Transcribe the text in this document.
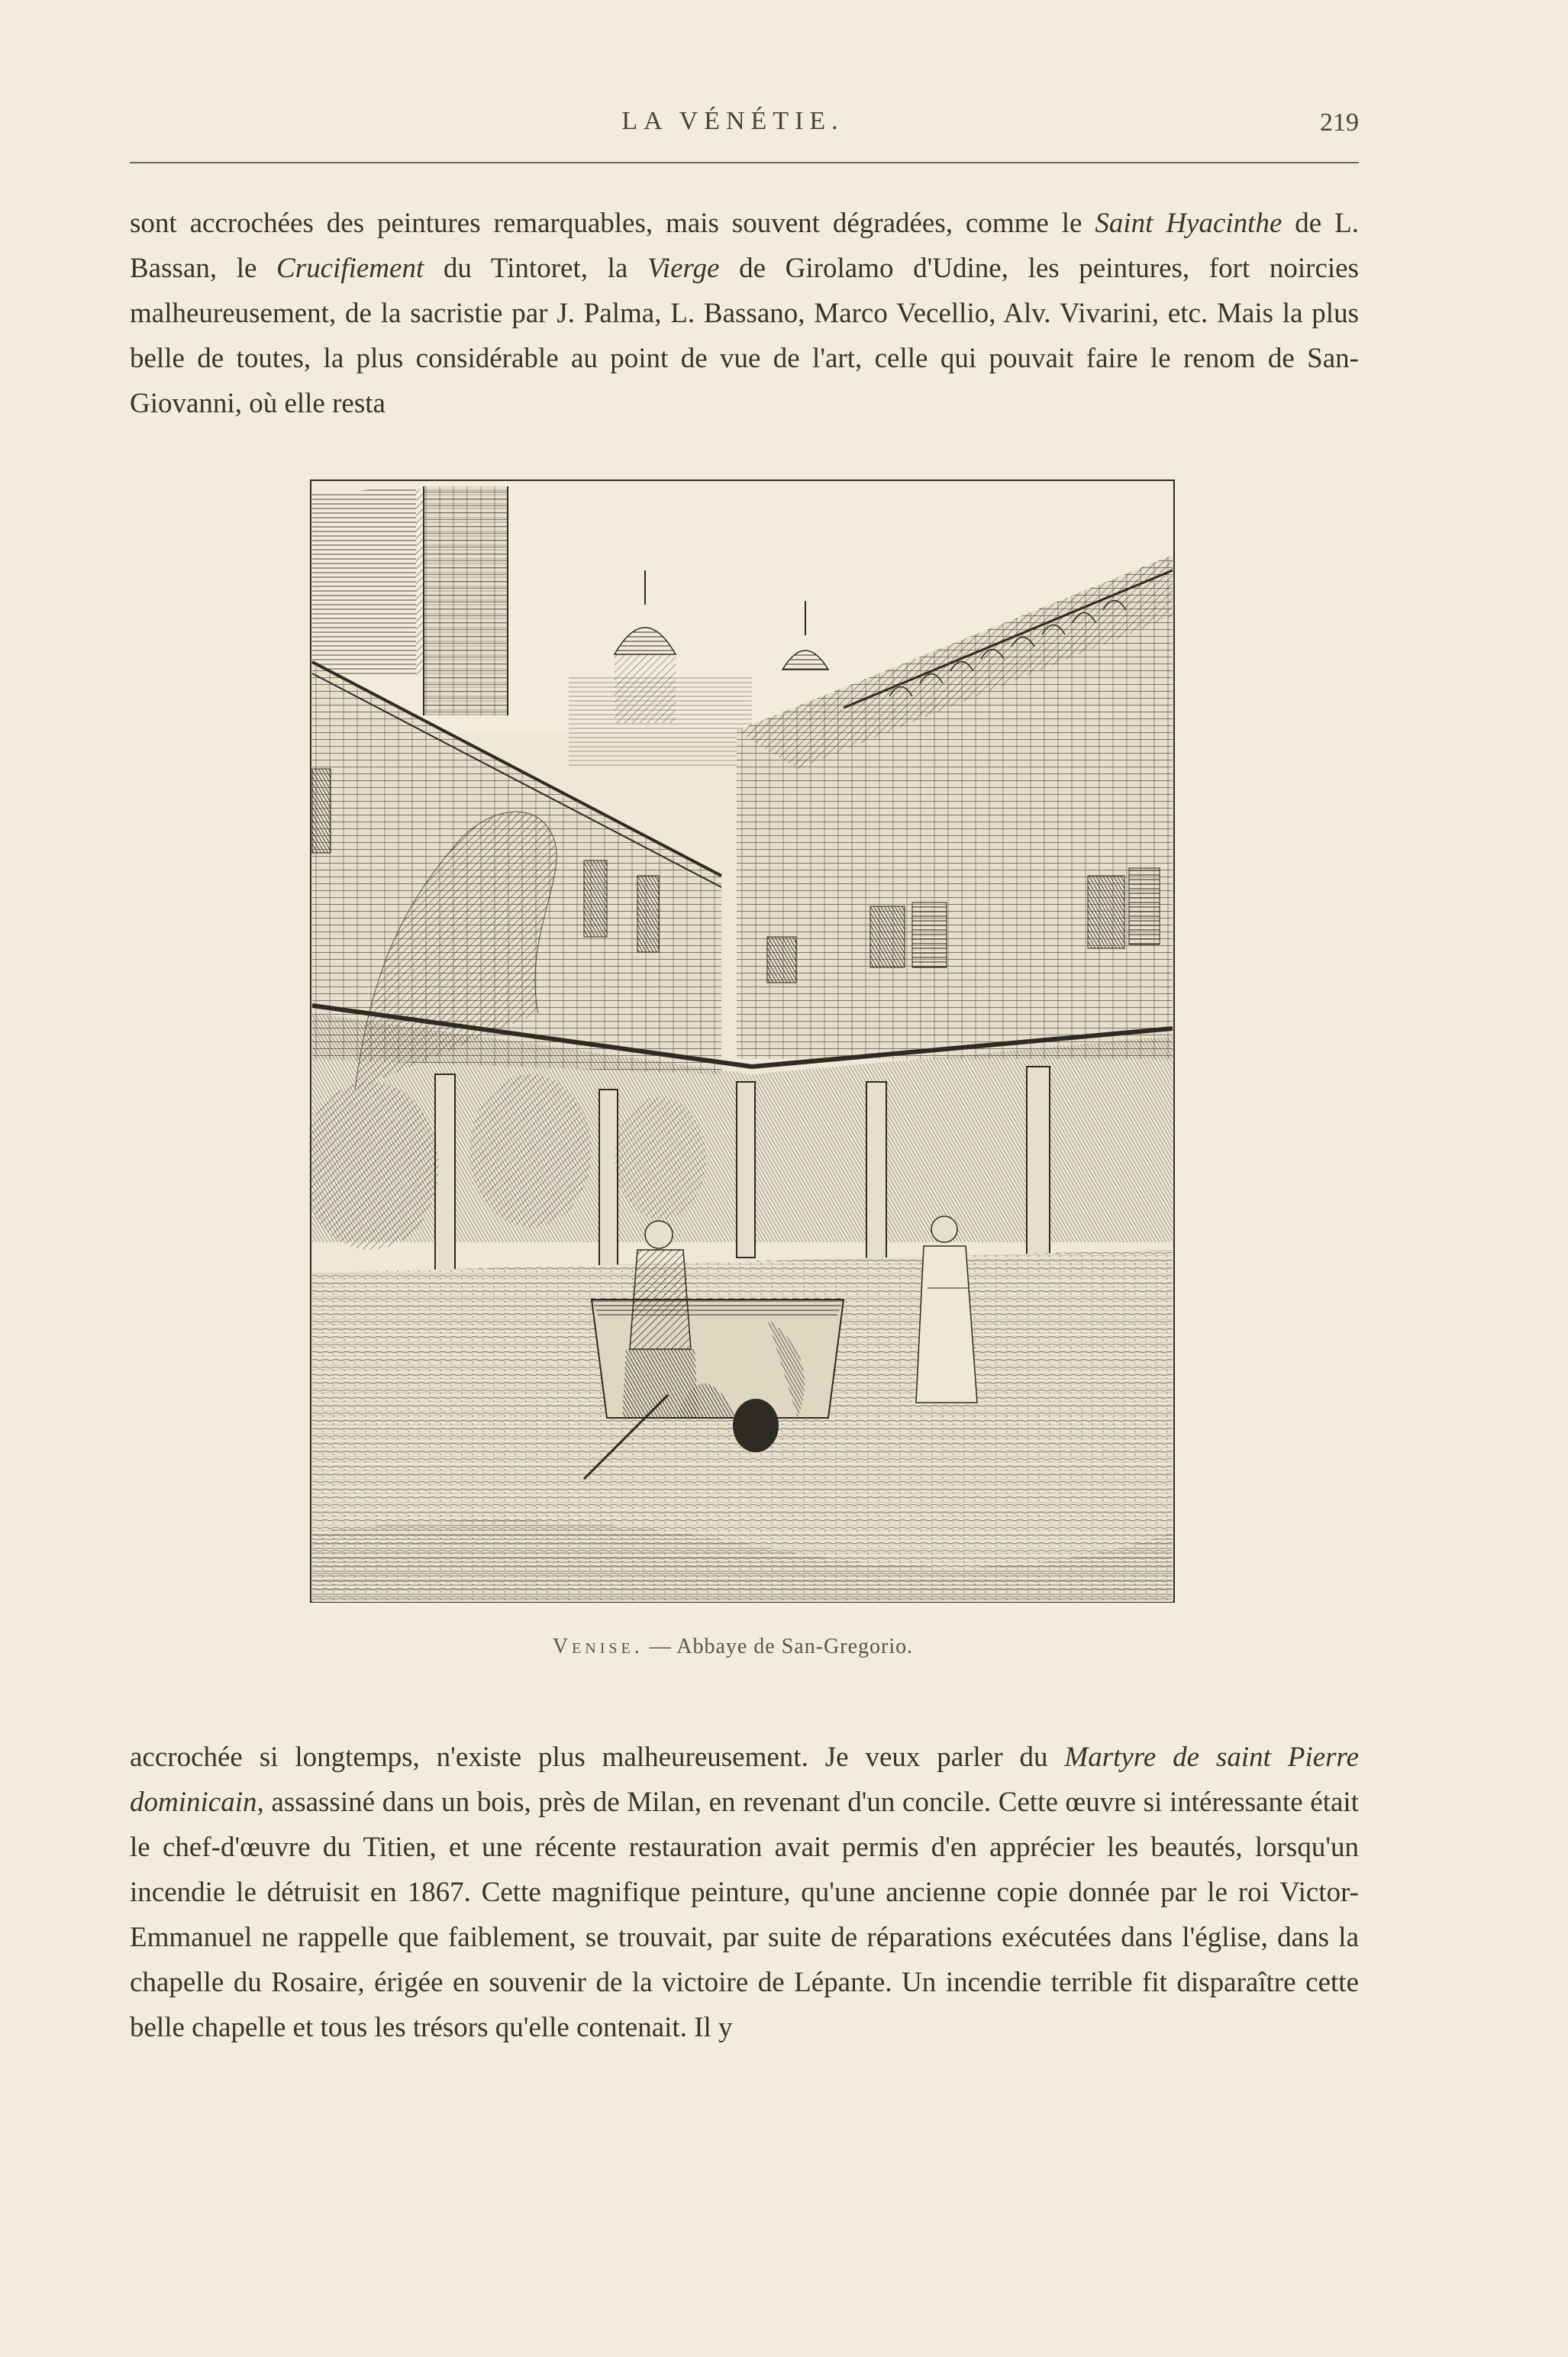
LA VÉNÉTIE.	219

sont accrochées des peintures remarquables, mais souvent dégradées, comme le Saint Hyacinthe de L. Bassan, le Crucifiement du Tintoret, la Vierge de Girolamo d'Udine, les peintures, fort noircies malheureusement, de la sacristie par J. Palma, L. Bassano, Marco Vecellio, Alv. Vivarini, etc. Mais la plus belle de toutes, la plus considérable au point de vue de l'art, celle qui pouvait faire le renom de San-Giovanni, où elle resta

Venise. — Abbaye de San-Gregorio.

accrochée si longtemps, n'existe plus malheureusement. Je veux parler du Martyre de saint Pierre dominicain, assassiné dans un bois, près de Milan, en revenant d'un concile. Cette œuvre si intéressante était le chef-d'œuvre du Titien, et une récente restauration avait permis d'en apprécier les beautés, lorsqu'un incendie le détruisit en 1867. Cette magnifique peinture, qu'une ancienne copie donnée par le roi Victor-Emmanuel ne rappelle que faiblement, se trouvait, par suite de réparations exécutées dans l'église, dans la chapelle du Rosaire, érigée en souvenir de la victoire de Lépante. Un incendie terrible fit disparaître cette belle chapelle et tous les trésors qu'elle contenait. Il y
